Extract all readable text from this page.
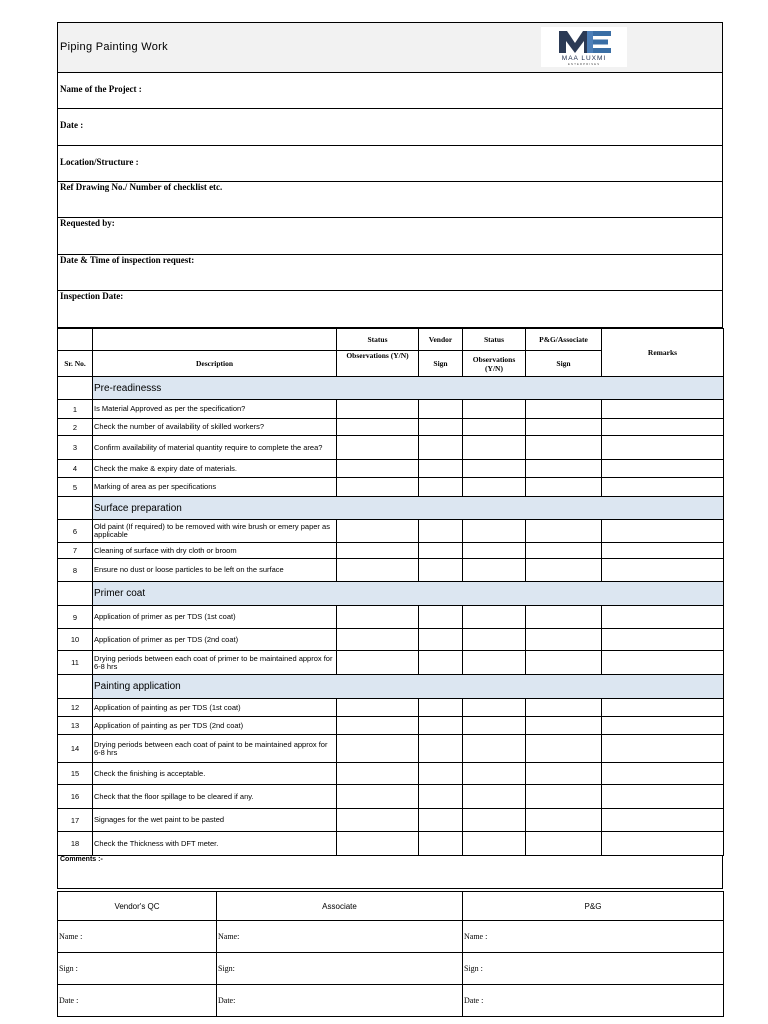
Piping Painting Work
MAA LUXMI
ENTERPRISES
Name of the Project :
Date :
Location/Structure :
Ref Drawing No./ Number of checklist etc.
Requested by:
Date & Time of inspection request:
Inspection Date:
		Status	Vendor	Status	P&G/Associate	Remarks
Sr. No.	Description	Observations (Y/N)	Sign	Observations (Y/N)	Sign	
	Pre-readinesss					
1	Is Material Approved as per the specification?					
2	Check the number of availability of skilled workers?					
3	Confirm availability of material quantity require to complete the area?					
4	Check the make & expiry date of materials.					
5	Marking of area as per specifications					
	Surface preparation					
6	Old paint (If required) to be removed with wire brush or emery paper as applicable					
7	Cleaning of surface with dry cloth or broom					
8	Ensure no dust or loose particles to be left on the surface					
	Primer coat					
9	Application of primer as per TDS (1st coat)					
10	Application of primer as per TDS (2nd coat)					
11	Drying periods between each coat of primer to be maintained approx for 6-8 hrs					
	Painting application					
12	Application of painting as per TDS (1st coat)					
13	Application of painting as per TDS (2nd coat)					
14	Drying periods between each coat of paint to be maintained approx for 6-8 hrs					
15	Check the finishing is acceptable.					
16	Check that the floor spillage to be cleared if any.					
17	Signages for the wet paint to be pasted					
18	Check the Thickness with DFT meter.					
Comments :-
Vendor's QC	Associate	P&G
Name :	Name:	Name :
Sign :	Sign:	Sign :
Date :	Date:	Date :
